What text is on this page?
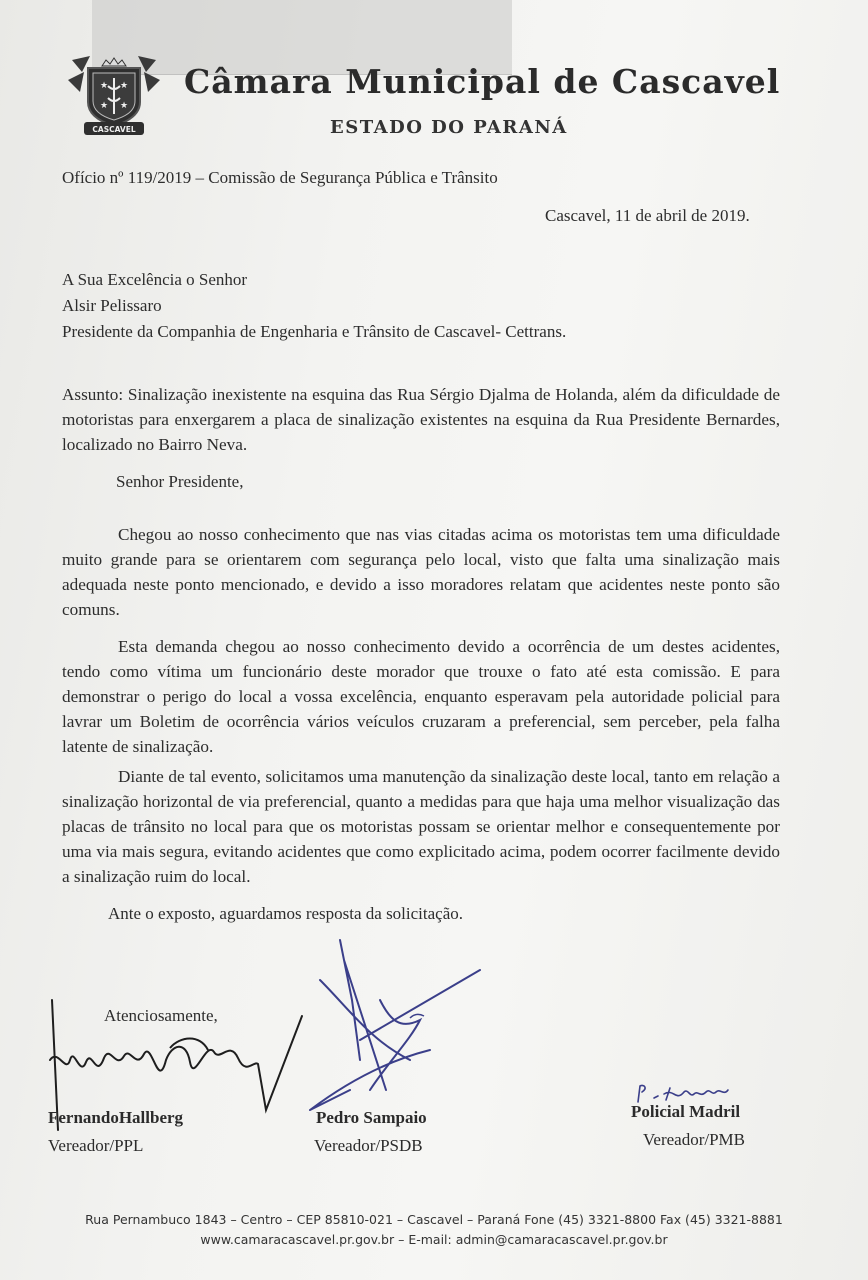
★ ★
★ ★
CASCAVEL
Câmara Municipal de Cascavel
ESTADO DO PARANÁ
Ofício nº 119/2019 – Comissão de Segurança Pública e Trânsito
Cascavel, 11 de abril de 2019.
A Sua Excelência o Senhor
Alsir Pelissaro
Presidente da Companhia de Engenharia e Trânsito de Cascavel- Cettrans.
Assunto: Sinalização inexistente na esquina das Rua Sérgio Djalma de Holanda, além da dificuldade de motoristas para enxergarem a placa de sinalização existentes na esquina da Rua Presidente Bernardes, localizado no Bairro Neva.
Senhor Presidente,
Chegou ao nosso conhecimento que nas vias citadas acima os motoristas tem uma dificuldade muito grande para se orientarem com segurança pelo local, visto que falta uma sinalização mais adequada neste ponto mencionado, e devido a isso moradores relatam que acidentes neste ponto são comuns.
Esta demanda chegou ao nosso conhecimento devido a ocorrência de um destes acidentes, tendo como vítima um funcionário deste morador que trouxe o fato até esta comissão. E para demonstrar o perigo do local a vossa excelência, enquanto esperavam pela autoridade policial para lavrar um Boletim de ocorrência vários veículos cruzaram a preferencial, sem perceber, pela falha latente de sinalização.
Diante de tal evento, solicitamos uma manutenção da sinalização deste local, tanto em relação a sinalização horizontal de via preferencial, quanto a medidas para que haja uma melhor visualização das placas de trânsito no local para que os motoristas possam se orientar melhor e consequentemente por uma via mais segura, evitando acidentes que como explicitado acima, podem ocorrer facilmente devido a sinalização ruim do local.
Ante o exposto, aguardamos resposta da solicitação.
Atenciosamente,
FernandoHallberg
Vereador/PPL
Pedro Sampaio
Vereador/PSDB
Policial Madril
Vereador/PMB
Rua Pernambuco 1843 – Centro – CEP 85810-021 – Cascavel – Paraná Fone (45) 3321-8800 Fax (45) 3321-8881
www.camaracascavel.pr.gov.br – E-mail: admin@camaracascavel.pr.gov.br
